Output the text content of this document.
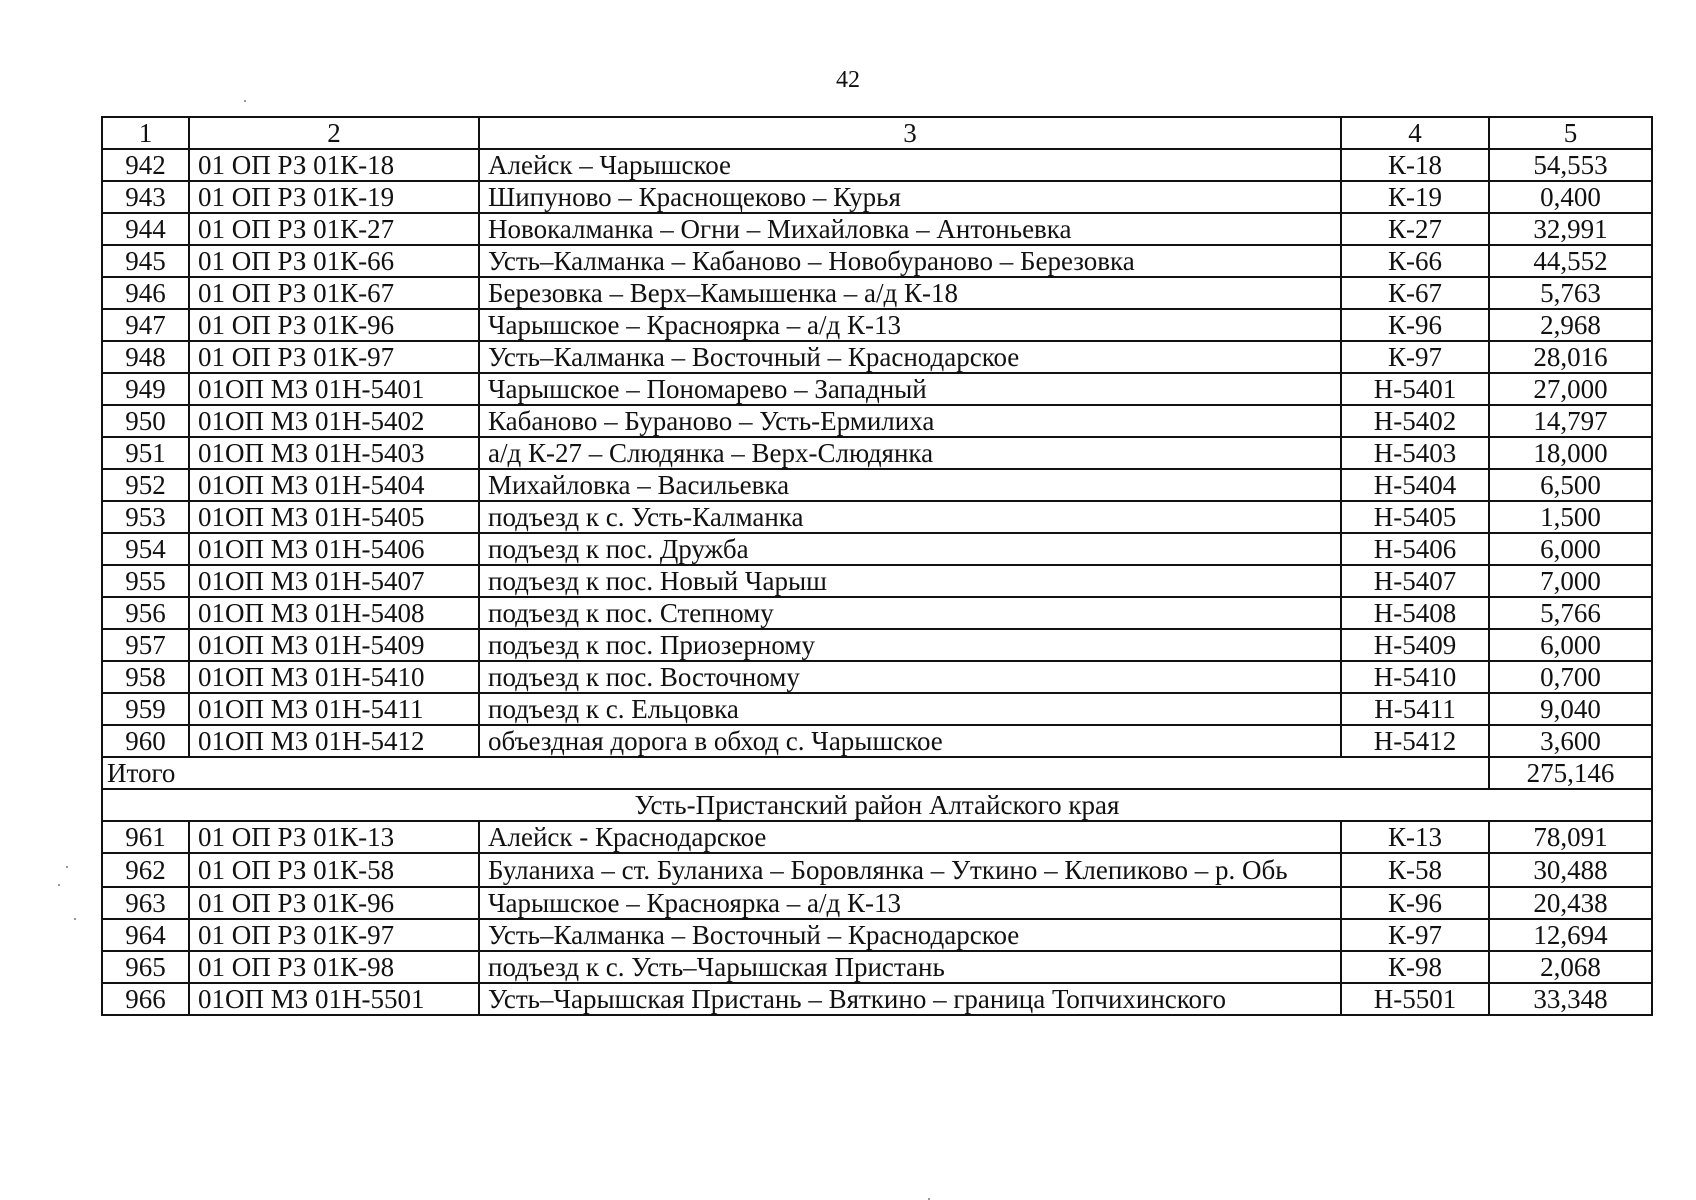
42
1	2	3	4	5
942	01 ОП РЗ 01К-18	Алейск – Чарышское	К-18	54,553
943	01 ОП РЗ 01К-19	Шипуново – Краснощеково – Курья	К-19	0,400
944	01 ОП РЗ 01К-27	Новокалманка – Огни – Михайловка – Антоньевка	К-27	32,991
945	01 ОП РЗ 01К-66	Усть–Калманка – Кабаново – Новобураново – Березовка	К-66	44,552
946	01 ОП РЗ 01К-67	Березовка – Верх–Камышенка – а/д К-18	К-67	5,763
947	01 ОП РЗ 01К-96	Чарышское – Красноярка – а/д К-13	К-96	2,968
948	01 ОП РЗ 01К-97	Усть–Калманка – Восточный – Краснодарское	К-97	28,016
949	01ОП МЗ 01Н-5401	Чарышское – Пономарево – Западный	Н-5401	27,000
950	01ОП МЗ 01Н-5402	Кабаново – Бураново – Усть-Ермилиха	Н-5402	14,797
951	01ОП МЗ 01Н-5403	а/д К-27 – Слюдянка – Верх-Слюдянка	Н-5403	18,000
952	01ОП МЗ 01Н-5404	Михайловка – Васильевка	Н-5404	6,500
953	01ОП МЗ 01Н-5405	подъезд к с. Усть-Калманка	Н-5405	1,500
954	01ОП МЗ 01Н-5406	подъезд к пос. Дружба	Н-5406	6,000
955	01ОП МЗ 01Н-5407	подъезд к пос. Новый Чарыш	Н-5407	7,000
956	01ОП МЗ 01Н-5408	подъезд к пос. Степному	Н-5408	5,766
957	01ОП МЗ 01Н-5409	подъезд к пос. Приозерному	Н-5409	6,000
958	01ОП МЗ 01Н-5410	подъезд к пос. Восточному	Н-5410	0,700
959	01ОП МЗ 01Н-5411	подъезд к с. Ельцовка	Н-5411	9,040
960	01ОП МЗ 01Н-5412	объездная дорога в обход с. Чарышское	Н-5412	3,600
Итого				275,146
Усть-Пристанский район Алтайского края				
961	01 ОП РЗ 01К-13	Алейск - Краснодарское	К-13	78,091
962	01 ОП РЗ 01К-58	Буланиха – ст. Буланиха – Боровлянка – Уткино – Клепиково – р. Обь	К-58	30,488
963	01 ОП РЗ 01К-96	Чарышское – Красноярка – а/д К-13	К-96	20,438
964	01 ОП РЗ 01К-97	Усть–Калманка – Восточный – Краснодарское	К-97	12,694
965	01 ОП РЗ 01К-98	подъезд к с. Усть–Чарышская Пристань	К-98	2,068
966	01ОП МЗ 01Н-5501	Усть–Чарышская Пристань – Вяткино – граница Топчихинского	Н-5501	33,348
